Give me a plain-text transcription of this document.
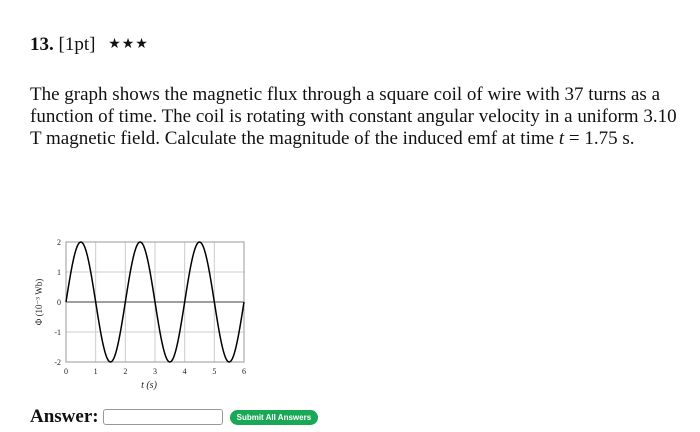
13. [1pt] ★★★
The graph shows the magnetic flux through a square coil of wire with 37 turns as a function of time. The coil is rotating with constant angular velocity in a uniform 3.10 T magnetic field. Calculate the magnitude of the induced emf at time t = 1.75 s.
2
1
0
-1
-2
0	1	2	3	4	5	6
Φ (10⁻³ Wb)
t (s)
Answer:	Submit All Answers
